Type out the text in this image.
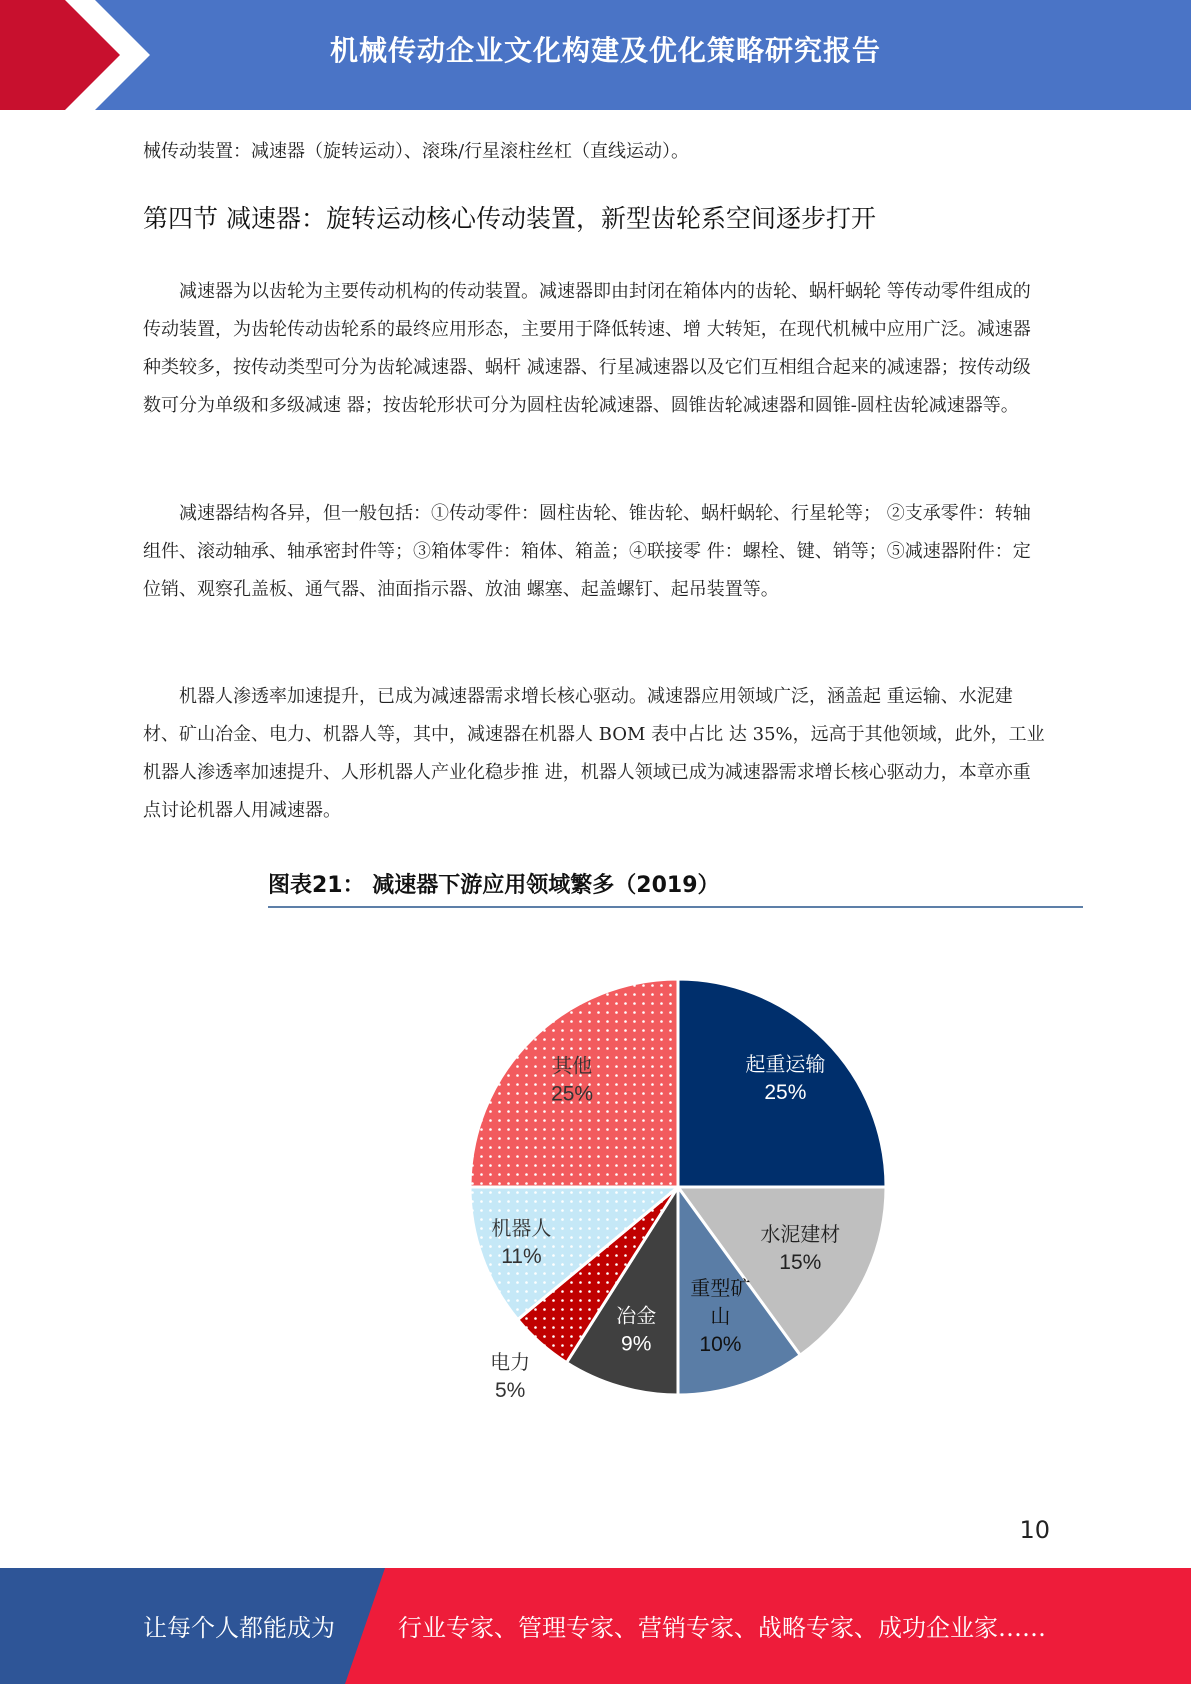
机械传动企业文化构建及优化策略研究报告
械传动装置：减速器（旋转运动）、滚珠/行星滚柱丝杠（直线运动）。
第四节 减速器：旋转运动核心传动装置，新型齿轮系空间逐步打开
减速器为以齿轮为主要传动机构的传动装置。减速器即由封闭在箱体内的齿轮、蜗杆蜗轮 等传动零件组成的传动装置，为齿轮传动齿轮系的最终应用形态，主要用于降低转速、增 大转矩，在现代机械中应用广泛。减速器种类较多，按传动类型可分为齿轮减速器、蜗杆 减速器、行星减速器以及它们互相组合起来的减速器；按传动级数可分为单级和多级减速 器；按齿轮形状可分为圆柱齿轮减速器、圆锥齿轮减速器和圆锥-圆柱齿轮减速器等。
减速器结构各异，但一般包括：①传动零件：圆柱齿轮、锥齿轮、蜗杆蜗轮、行星轮等； ②支承零件：转轴组件、滚动轴承、轴承密封件等；③箱体零件：箱体、箱盖；④联接零 件：螺栓、键、销等；⑤减速器附件：定位销、观察孔盖板、通气器、油面指示器、放油 螺塞、起盖螺钉、起吊装置等。
机器人渗透率加速提升，已成为减速器需求增长核心驱动。减速器应用领域广泛，涵盖起 重运输、水泥建材、矿山冶金、电力、机器人等，其中，减速器在机器人 BOM 表中占比 达 35%，远高于其他领域，此外，工业机器人渗透率加速提升、人形机器人产业化稳步推 进，机器人领域已成为减速器需求增长核心驱动力，本章亦重点讨论机器人用减速器。
图表21： 减速器下游应用领域繁多（2019）
起重运输
25%
水泥建材
15%
重型矿
山
10%
冶金
9%
电力
5%
机器人
11%
其他
25%
10
让每个人都能成为	行业专家、管理专家、营销专家、战略专家、成功企业家……
